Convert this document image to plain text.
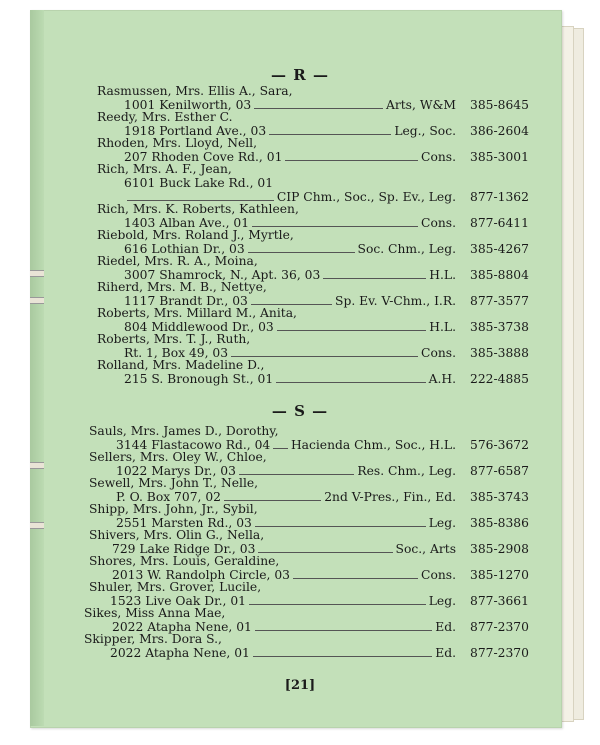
— R —
Rasmussen, Mrs. Ellis A., Sara,
1001 Kenilworth, 03	Arts, W&M 385-8645
Reedy, Mrs. Esther C.
1918 Portland Ave., 03	Leg., Soc. 386-2604
Rhoden, Mrs. Lloyd, Nell,
207 Rhoden Cove Rd., 01	Cons. 385-3001
Rich, Mrs. A. F., Jean,
6101 Buck Lake Rd., 01
CIP Chm., Soc., Sp. Ev., Leg. 877-1362
Rich, Mrs. K. Roberts, Kathleen,
1403 Alban Ave., 01	Cons. 877-6411
Riebold, Mrs. Roland J., Myrtle,
616 Lothian Dr., 03	Soc. Chm., Leg. 385-4267
Riedel, Mrs. R. A., Moina,
3007 Shamrock, N., Apt. 36, 03	H.L. 385-8804
Riherd, Mrs. M. B., Nettye,
1117 Brandt Dr., 03	Sp. Ev. V-Chm., I.R. 877-3577
Roberts, Mrs. Millard M., Anita,
804 Middlewood Dr., 03	H.L. 385-3738
Roberts, Mrs. T. J., Ruth,
Rt. 1, Box 49, 03	Cons. 385-3888
Rolland, Mrs. Madeline D.,
215 S. Bronough St., 01	A.H. 222-4885
— S —
Sauls, Mrs. James D., Dorothy,
3144 Flastacowo Rd., 04 Hacienda Chm., Soc., H.L. 576-3672
Sellers, Mrs. Oley W., Chloe,
1022 Marys Dr., 03	Res. Chm., Leg. 877-6587
Sewell, Mrs. John T., Nelle,
P. O. Box 707, 02	2nd V-Pres., Fin., Ed. 385-3743
Shipp, Mrs. John, Jr., Sybil,
2551 Marsten Rd., 03	Leg. 385-8386
Shivers, Mrs. Olin G., Nella,
729 Lake Ridge Dr., 03	Soc., Arts 385-2908
Shores, Mrs. Louis, Geraldine,
2013 W. Randolph Circle, 03	Cons. 385-1270
Shuler, Mrs. Grover, Lucile,
1523 Live Oak Dr., 01	Leg. 877-3661
Sikes, Miss Anna Mae,
2022 Atapha Nene, 01	Ed. 877-2370
Skipper, Mrs. Dora S.,
2022 Atapha Nene, 01	Ed. 877-2370
[21]
